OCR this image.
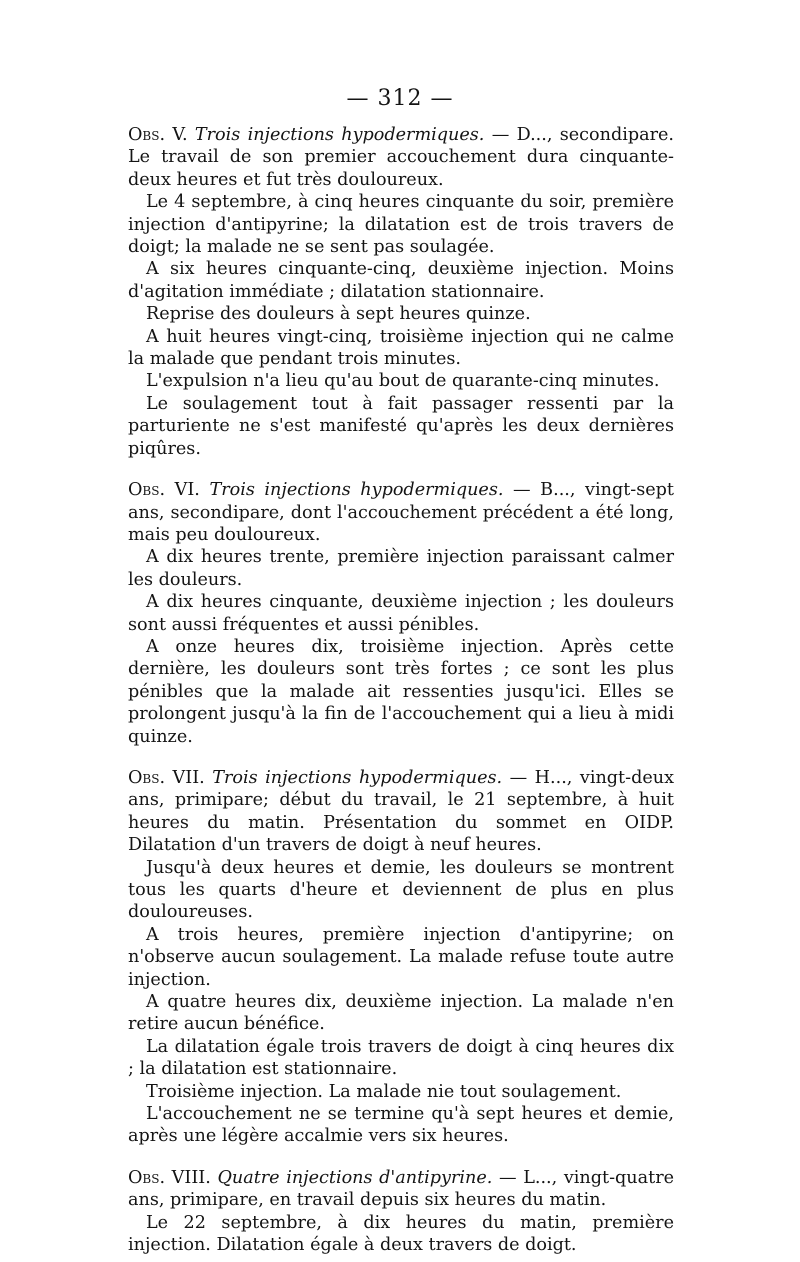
— 312 —

Obs. V. Trois injections hypodermiques. — D..., secondipare. Le travail de son premier accouchement dura cinquante-deux heures et fut très douloureux.

Le 4 septembre, à cinq heures cinquante du soir, première injection d'antipyrine; la dilatation est de trois travers de doigt; la malade ne se sent pas soulagée.

A six heures cinquante-cinq, deuxième injection. Moins d'agitation immédiate ; dilatation stationnaire.

Reprise des douleurs à sept heures quinze.

A huit heures vingt-cinq, troisième injection qui ne calme la malade que pendant trois minutes.

L'expulsion n'a lieu qu'au bout de quarante-cinq minutes.

Le soulagement tout à fait passager ressenti par la parturiente ne s'est manifesté qu'après les deux dernières piqûres.

Obs. VI. Trois injections hypodermiques. — B..., vingt-sept ans, secondipare, dont l'accouchement précédent a été long, mais peu douloureux.

A dix heures trente, première injection paraissant calmer les douleurs.

A dix heures cinquante, deuxième injection ; les douleurs sont aussi fréquentes et aussi pénibles.

A onze heures dix, troisième injection. Après cette dernière, les douleurs sont très fortes ; ce sont les plus pénibles que la malade ait ressenties jusqu'ici. Elles se prolongent jusqu'à la fin de l'accouchement qui a lieu à midi quinze.

Obs. VII. Trois injections hypodermiques. — H..., vingt-deux ans, primipare; début du travail, le 21 septembre, à huit heures du matin. Présentation du sommet en OIDP. Dilatation d'un travers de doigt à neuf heures.

Jusqu'à deux heures et demie, les douleurs se montrent tous les quarts d'heure et deviennent de plus en plus douloureuses.

A trois heures, première injection d'antipyrine; on n'observe aucun soulagement. La malade refuse toute autre injection.

A quatre heures dix, deuxième injection. La malade n'en retire aucun bénéfice.

La dilatation égale trois travers de doigt à cinq heures dix ; la dilatation est stationnaire.

Troisième injection. La malade nie tout soulagement.

L'accouchement ne se termine qu'à sept heures et demie, après une légère accalmie vers six heures.

Obs. VIII. Quatre injections d'antipyrine. — L..., vingt-quatre ans, primipare, en travail depuis six heures du matin.

Le 22 septembre, à dix heures du matin, première injection. Dilatation égale à deux travers de doigt.
